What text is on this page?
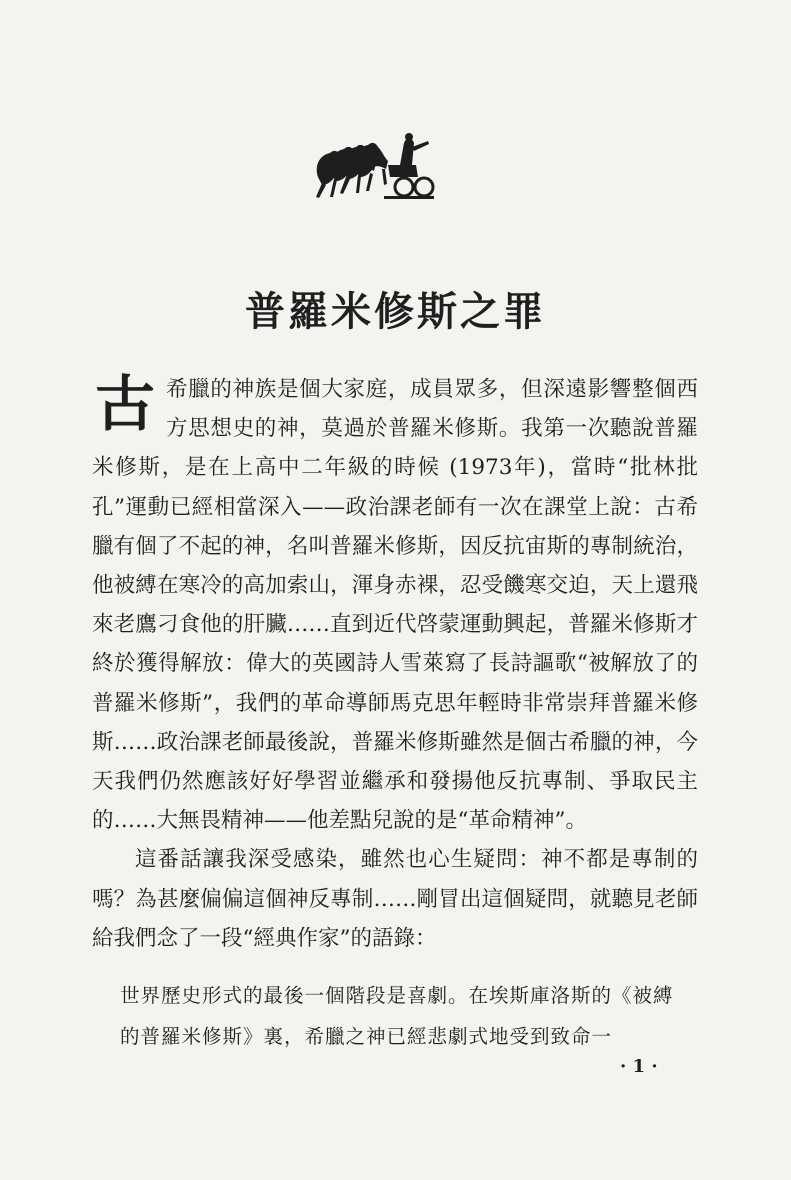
普羅米修斯之罪
古 希臘的神族是個大家庭，成員眾多，但深遠影響整個西方思想史的神，莫過於普羅米修斯。我第一次聽說普羅米修斯，是在上高中二年級的時候 (1973年)，當時“批林批孔”運動已經相當深入——政治課老師有一次在課堂上說：古希臘有個了不起的神，名叫普羅米修斯，因反抗宙斯的專制統治，他被縛在寒冷的高加索山，渾身赤裸，忍受饑寒交迫，天上還飛來老鷹刁食他的肝臟……直到近代啓蒙運動興起，普羅米修斯才終於獲得解放：偉大的英國詩人雪萊寫了長詩謳歌“被解放了的普羅米修斯”，我們的革命導師馬克思年輕時非常崇拜普羅米修斯……政治課老師最後說，普羅米修斯雖然是個古希臘的神，今天我們仍然應該好好學習並繼承和發揚他反抗專制、爭取民主的……大無畏精神——他差點兒說的是“革命精神”。

這番話讓我深受感染，雖然也心生疑問：神不都是專制的嗎？為甚麼偏偏這個神反專制……剛冒出這個疑問，就聽見老師給我們念了一段“經典作家”的語錄：

世界歷史形式的最後一個階段是喜劇。在埃斯庫洛斯的《被縛的普羅米修斯》裏，希臘之神已經悲劇式地受到致命一
· 1 ·
